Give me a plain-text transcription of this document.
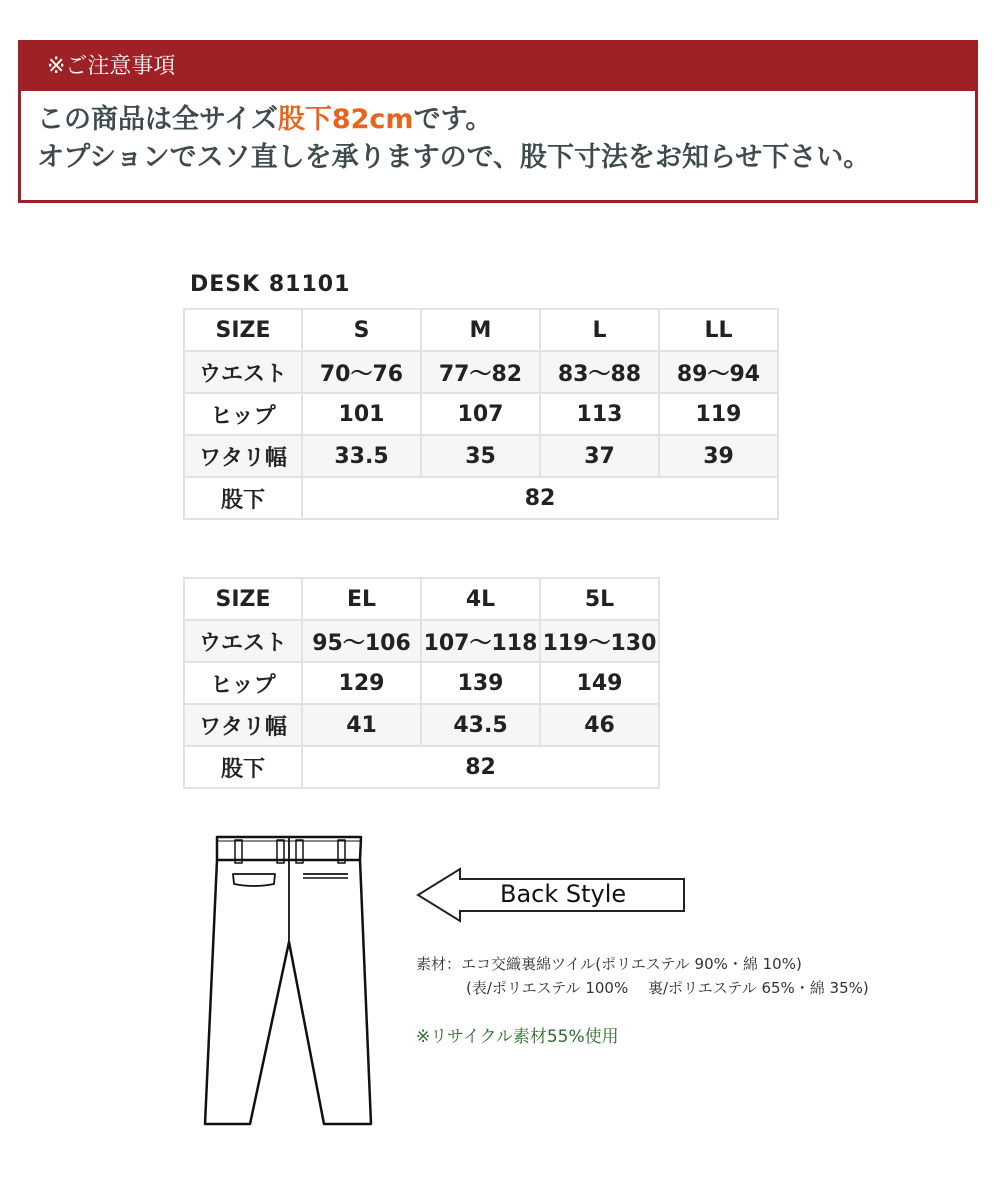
※ご注意事項
この商品は全サイズ股下82cmです。
オプションでスソ直しを承りますので、股下寸法をお知らせ下さい。
DESK 81101
SIZE	S	M	L	LL
ウエスト	70～76	77～82	83～88	89～94
ヒップ	101	107	113	119
ワタリ幅	33.5	35	37	39
股下	82			
SIZE	EL	4L	5L
ウエスト	95～106	107～118	119～130
ヒップ	129	139	149
ワタリ幅	41	43.5	46
股下	82		
Back Style
素材：エコ交織裏綿ツイル(ポリエステル 90%・綿 10%)
(表/ポリエステル 100%　 裏/ポリエステル 65%・綿 35%)
※リサイクル素材55%使用
